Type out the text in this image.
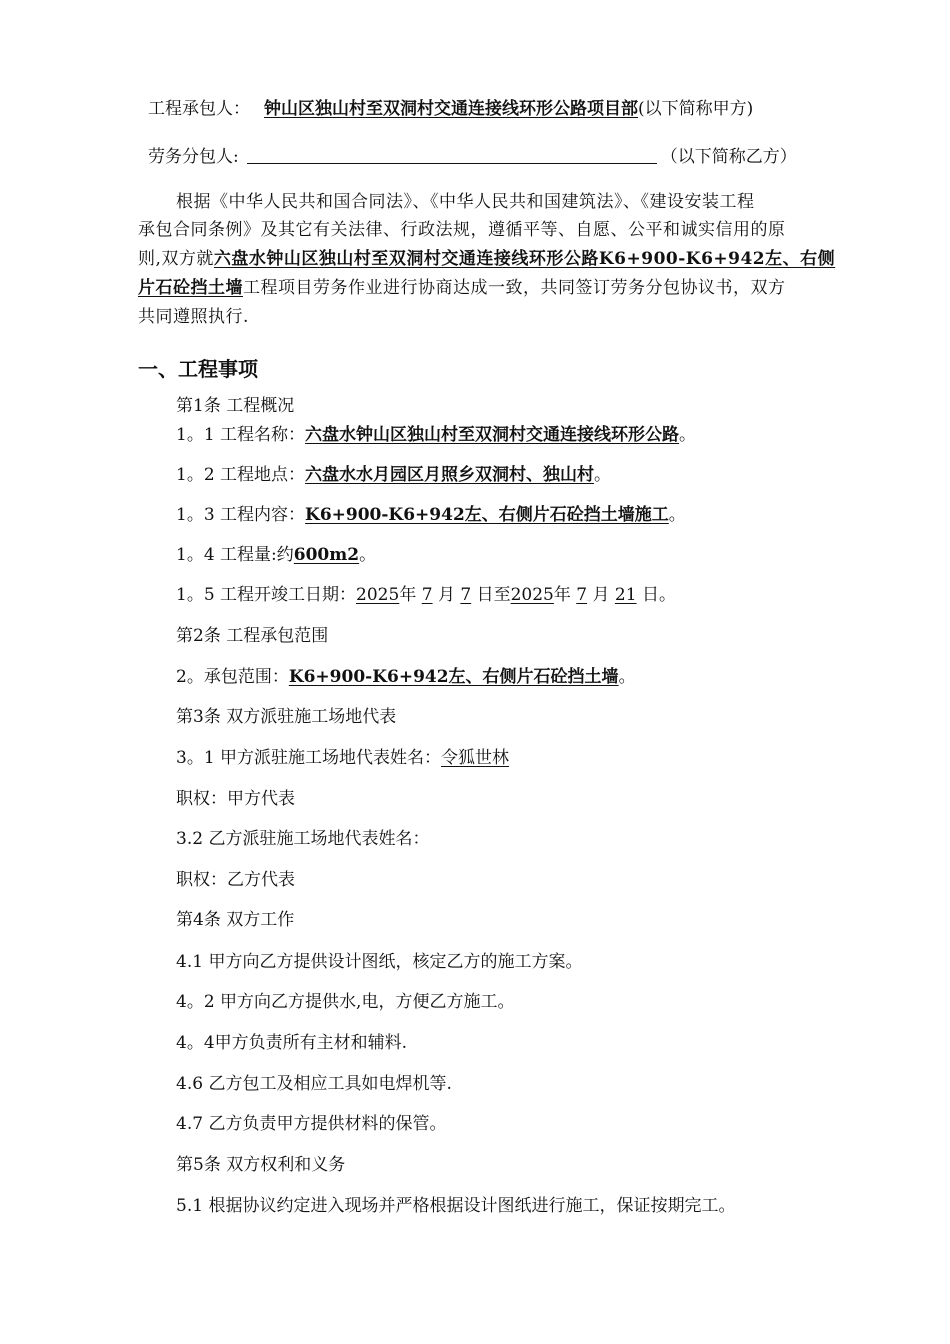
工程承包人： 钟山区独山村至双洞村交通连接线环形公路项目部(以下简称甲方)
劳务分包人:	（以下简称乙方）
根据《中华人民共和国合同法》、《中华人民共和国建筑法》、《建设安装工程
承包合同条例》及其它有关法律、行政法规，遵循平等、自愿、公平和诚实信用的原
则,双方就六盘水钟山区独山村至双洞村交通连接线环形公路K6+900-K6+942左、右侧
片石砼挡土墙工程项目劳务作业进行协商达成一致，共同签订劳务分包协议书，双方
共同遵照执行.
一、工程事项
第1条 工程概况
1。1 工程名称：六盘水钟山区独山村至双洞村交通连接线环形公路。
1。2 工程地点：六盘水水月园区月照乡双洞村、独山村。
1。3 工程内容：K6+900-K6+942左、右侧片石砼挡土墙施工。
1。4 工程量:约600m2。
1。5 工程开竣工日期：2025年 7 月 7 日至2025年 7 月 21 日。
第2条 工程承包范围
2。承包范围：K6+900-K6+942左、右侧片石砼挡土墙。
第3条 双方派驻施工场地代表
3。1 甲方派驻施工场地代表姓名：令狐世林
职权：甲方代表
3.2 乙方派驻施工场地代表姓名：
职权：乙方代表
第4条 双方工作
4.1 甲方向乙方提供设计图纸，核定乙方的施工方案。
4。2 甲方向乙方提供水,电，方便乙方施工。
4。4甲方负责所有主材和辅料.
4.6 乙方包工及相应工具如电焊机等.
4.7 乙方负责甲方提供材料的保管。
第5条 双方权利和义务
5.1 根据协议约定进入现场并严格根据设计图纸进行施工，保证按期完工。
